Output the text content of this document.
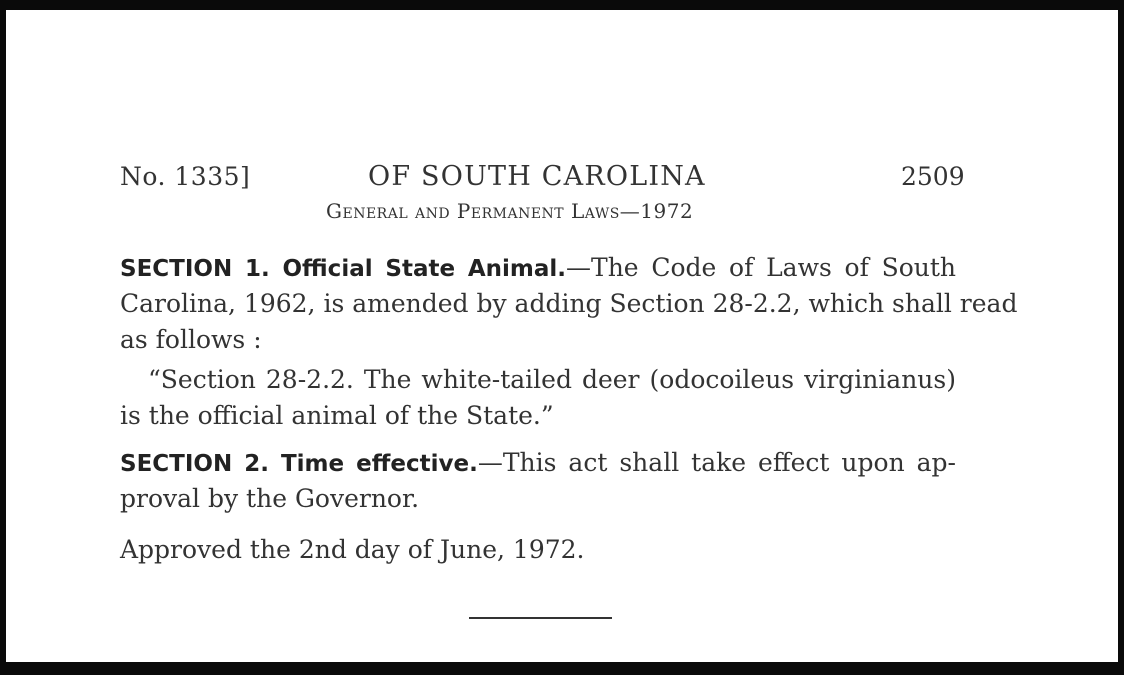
No. 1335]	OF SOUTH CAROLINA	2509
General and Permanent Laws—1972
SECTION 1. Official State Animal.—The Code of Laws of South
Carolina, 1962, is amended by adding Section 28-2.2, which shall read
as follows :
“Section 28-2.2. The white-tailed deer (odocoileus virginianus)
is the official animal of the State.”
SECTION 2. Time effective.—This act shall take effect upon ap-
proval by the Governor.
Approved the 2nd day of June, 1972.
